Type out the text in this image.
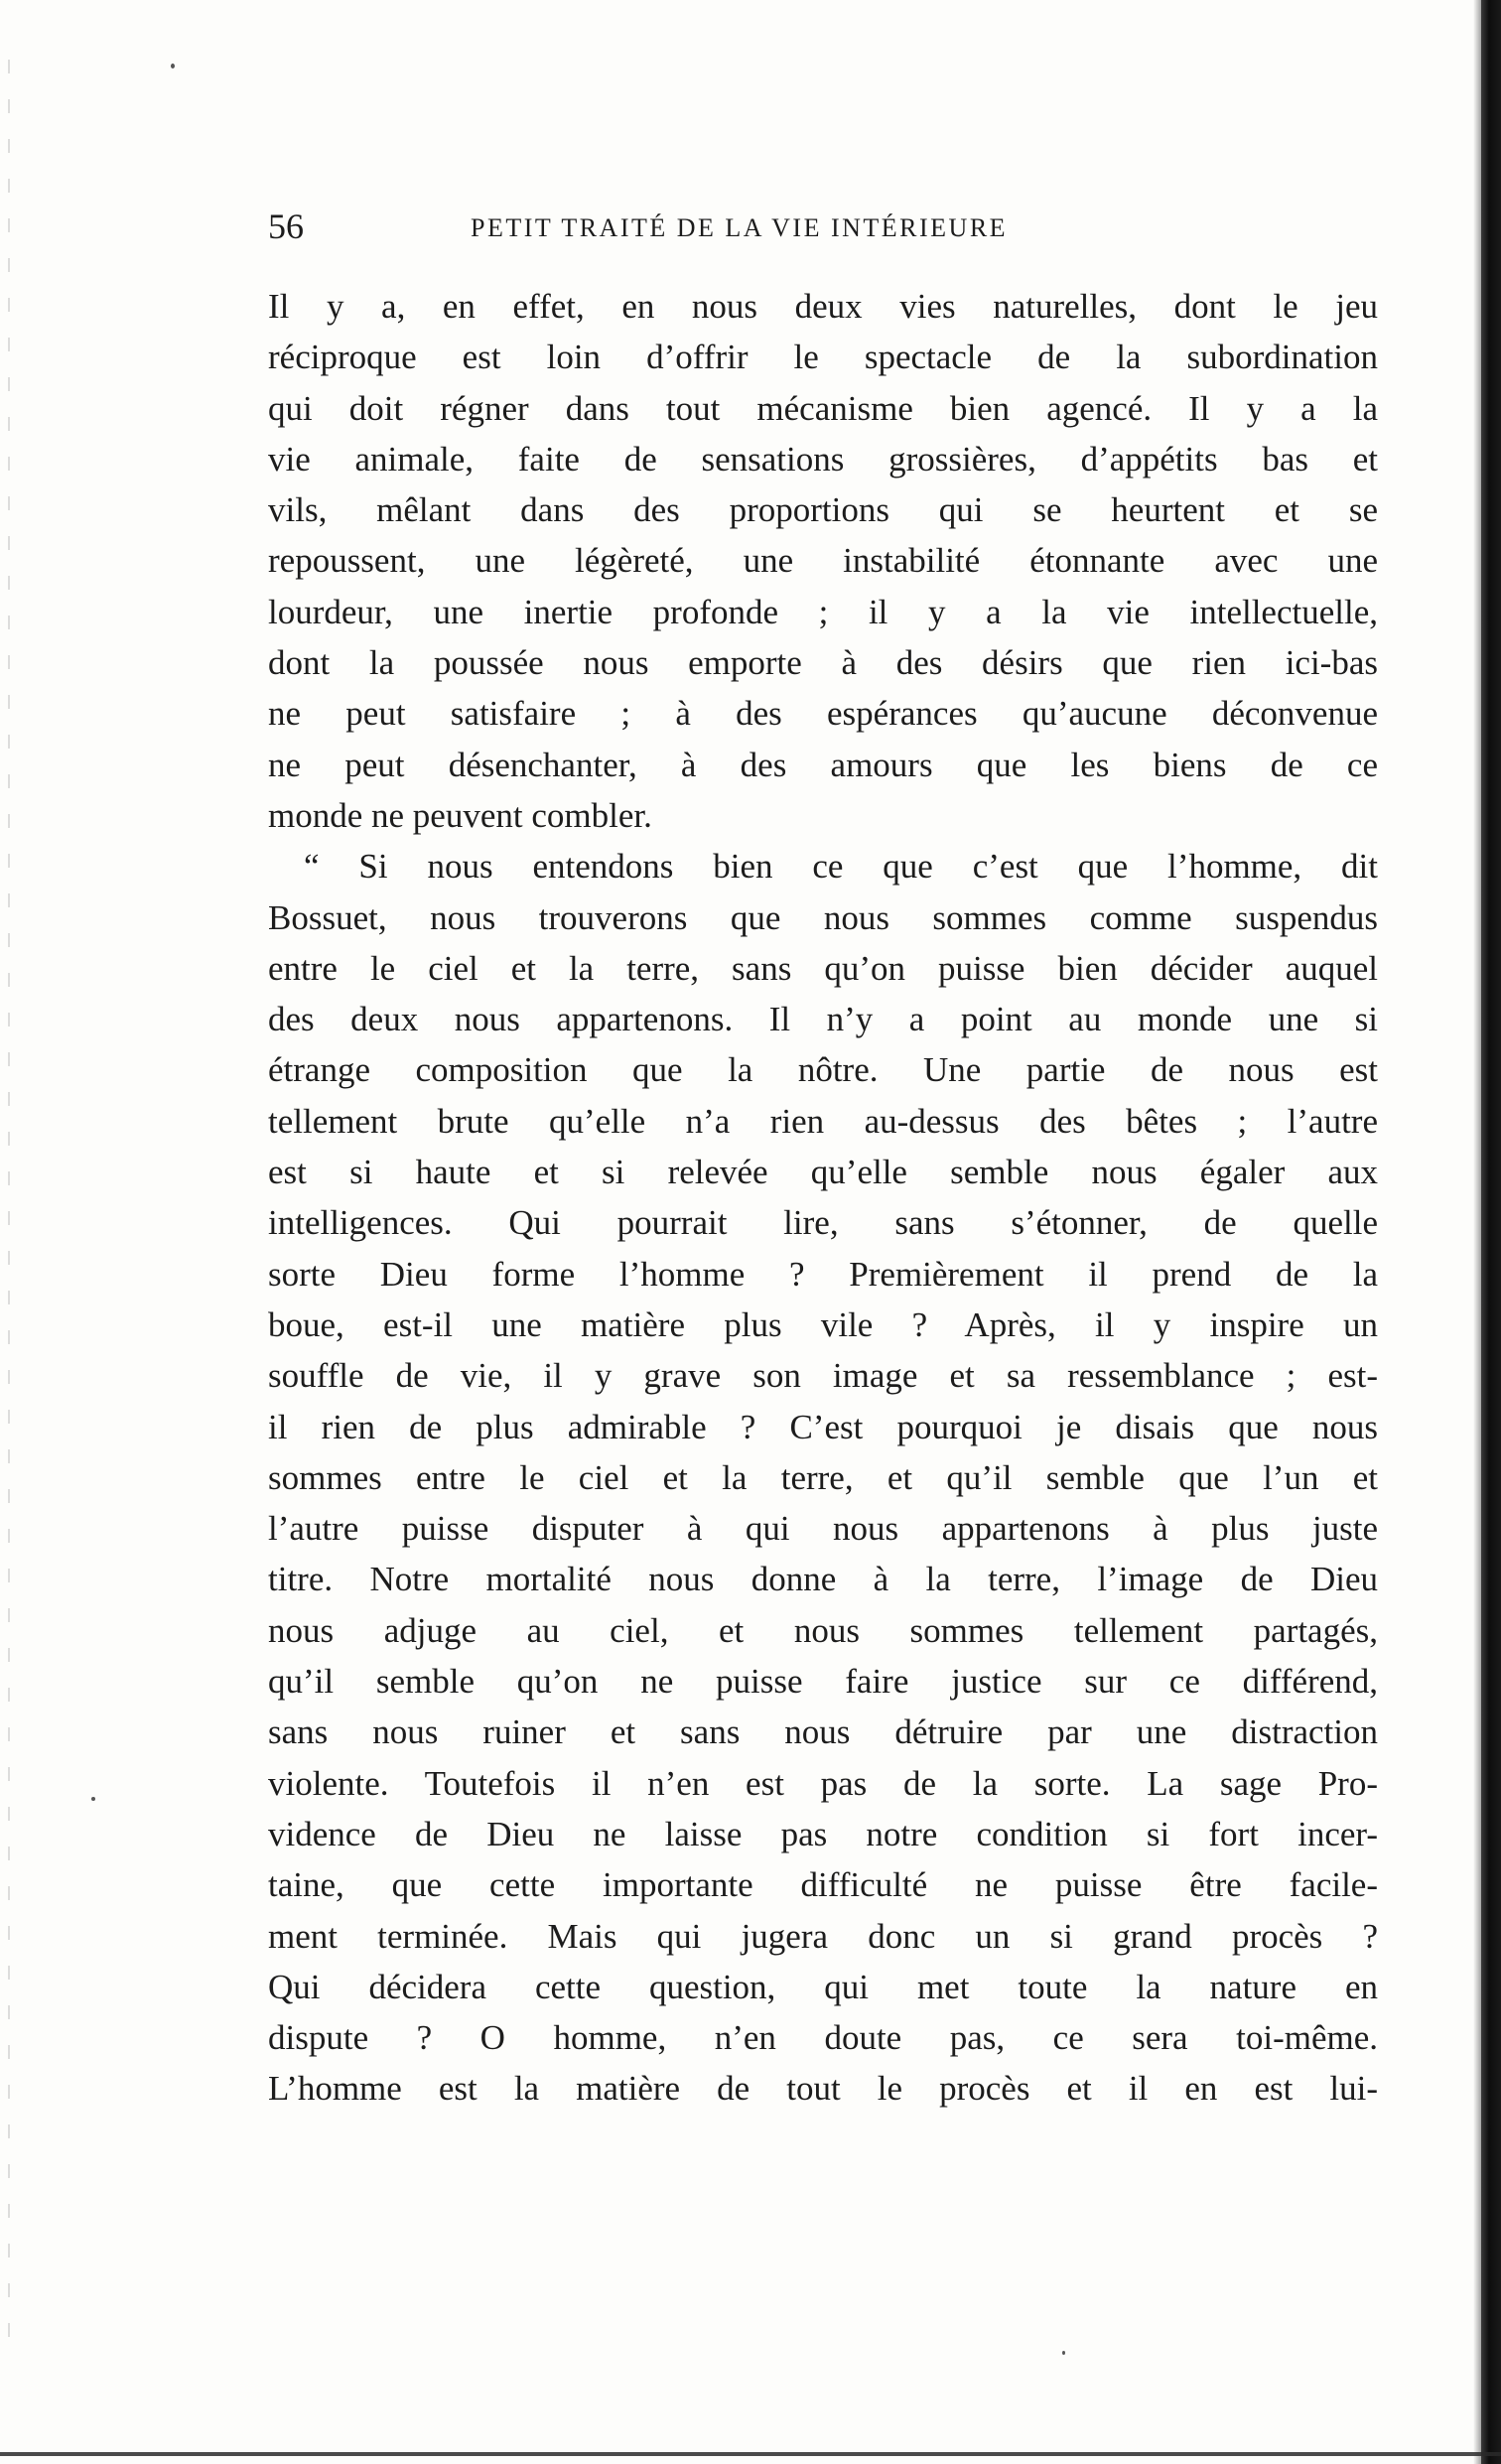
56	PETIT TRAITÉ DE LA VIE INTÉRIEURE
Il y a, en effet, en nous deux vies naturelles, dont le jeu
réciproque est loin d’offrir le spectacle de la subordination
qui doit régner dans tout mécanisme bien agencé. Il y a la
vie animale, faite de sensations grossières, d’appétits bas et
vils, mêlant dans des proportions qui se heurtent et se
repoussent, une légèreté, une instabilité étonnante avec une
lourdeur, une inertie profonde ; il y a la vie intellectuelle,
dont la poussée nous emporte à des désirs que rien ici-bas
ne peut satisfaire ; à des espérances qu’aucune déconvenue
ne peut désenchanter, à des amours que les biens de ce
monde ne peuvent combler.
“ Si nous entendons bien ce que c’est que l’homme, dit
Bossuet, nous trouverons que nous sommes comme suspendus
entre le ciel et la terre, sans qu’on puisse bien décider auquel
des deux nous appartenons. Il n’y a point au monde une si
étrange composition que la nôtre. Une partie de nous est
tellement brute qu’elle n’a rien au-dessus des bêtes ; l’autre
est si haute et si relevée qu’elle semble nous égaler aux
intelligences. Qui pourrait lire, sans s’étonner, de quelle
sorte Dieu forme l’homme ? Premièrement il prend de la
boue, est-il une matière plus vile ? Après, il y inspire un
souffle de vie, il y grave son image et sa ressemblance ; est-
il rien de plus admirable ? C’est pourquoi je disais que nous
sommes entre le ciel et la terre, et qu’il semble que l’un et
l’autre puisse disputer à qui nous appartenons à plus juste
titre. Notre mortalité nous donne à la terre, l’image de Dieu
nous adjuge au ciel, et nous sommes tellement partagés,
qu’il semble qu’on ne puisse faire justice sur ce différend,
sans nous ruiner et sans nous détruire par une distraction
violente. Toutefois il n’en est pas de la sorte. La sage Pro-
vidence de Dieu ne laisse pas notre condition si fort incer-
taine, que cette importante difficulté ne puisse être facile-
ment terminée. Mais qui jugera donc un si grand procès ?
Qui décidera cette question, qui met toute la nature en
dispute ? O homme, n’en doute pas, ce sera toi-même.
L’homme est la matière de tout le procès et il en est lui-
